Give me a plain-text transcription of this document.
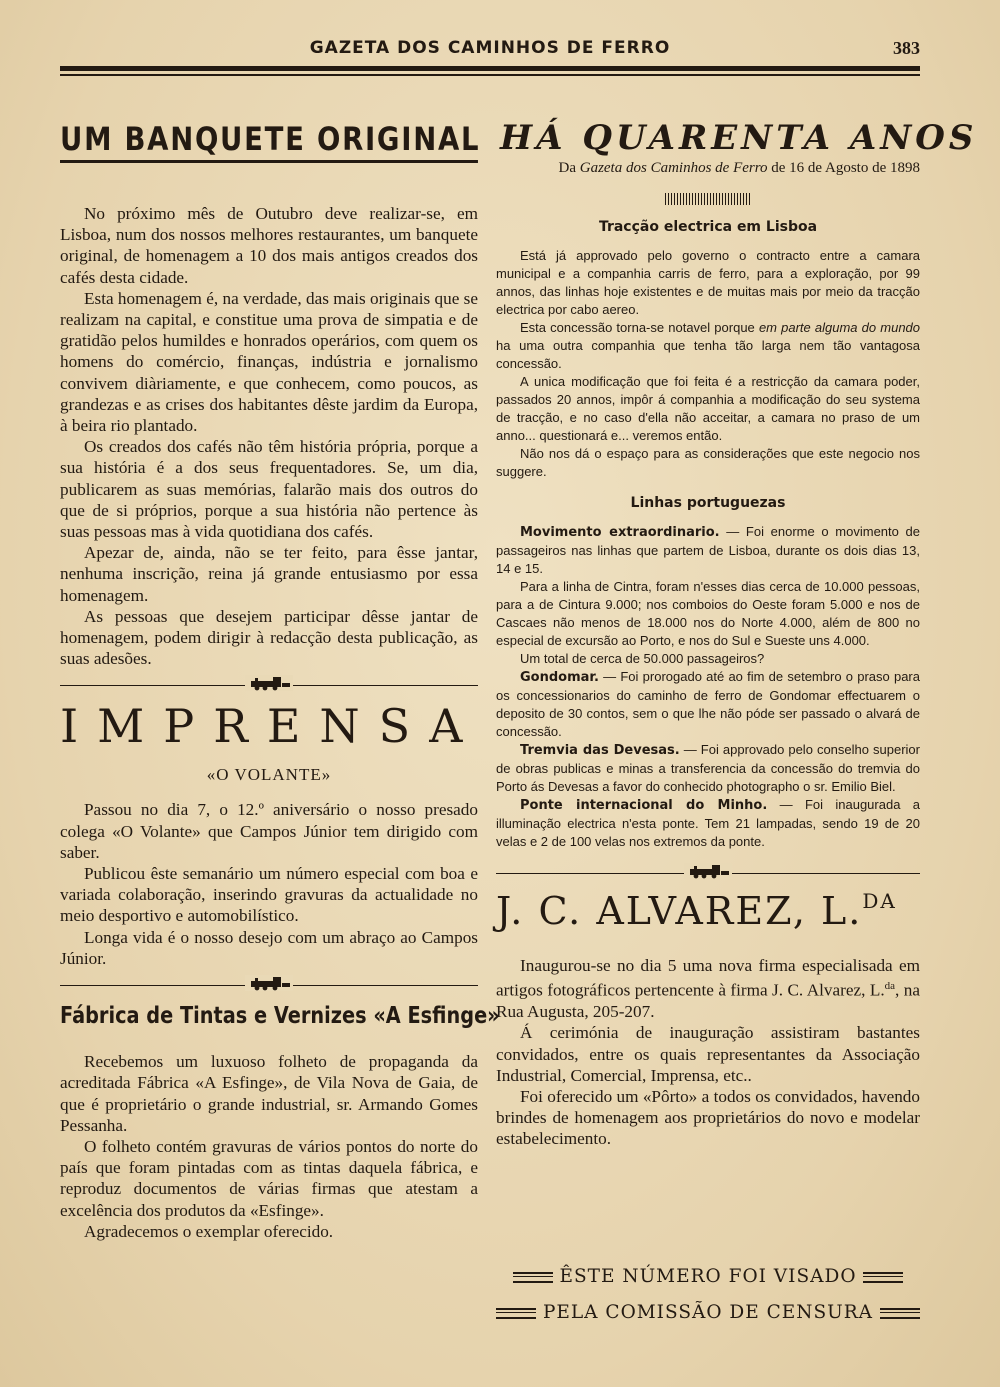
GAZETA DOS CAMINHOS DE FERRO	383
UM BANQUETE ORIGINAL

No próximo mês de Outubro deve realizar-se, em Lisboa, num dos nossos melhores restaurantes, um banquete original, de homenagem a 10 dos mais antigos creados dos cafés desta cidade.

Esta homenagem é, na verdade, das mais originais que se realizam na capital, e constitue uma prova de simpatia e de gratidão pelos humildes e honrados operários, com quem os homens do comércio, finanças, indústria e jornalismo convivem diàriamente, e que conhecem, como poucos, as grandezas e as crises dos habitantes dêste jardim da Europa, à beira rio plantado.

Os creados dos cafés não têm história própria, porque a sua história é a dos seus frequentadores. Se, um dia, publicarem as suas memórias, falarão mais dos outros do que de si próprios, porque a sua história não pertence às suas pessoas mas à vida quotidiana dos cafés.

Apezar de, ainda, não se ter feito, para êsse jantar, nenhuma inscrição, reina já grande entusiasmo por essa homenagem.

As pessoas que desejem participar dêsse jantar de homenagem, podem dirigir à redacção desta publicação, as suas adesões.

IMPRENSA
«O VOLANTE»

Passou no dia 7, o 12.º aniversário o nosso presado colega «O Volante» que Campos Júnior tem dirigido com saber.

Publicou êste semanário um número especial com boa e variada colaboração, inserindo gravuras da actualidade no meio desportivo e automobilístico.

Longa vida é o nosso desejo com um abraço ao Campos Júnior.

Fábrica de Tintas e Vernizes «A Esfinge»

Recebemos um luxuoso folheto de propaganda da acreditada Fábrica «A Esfinge», de Vila Nova de Gaia, de que é proprietário o grande industrial, sr. Armando Gomes Pessanha.

O folheto contém gravuras de vários pontos do norte do país que foram pintadas com as tintas daquela fábrica, e reproduz documentos de várias firmas que atestam a excelência dos produtos da «Esfinge».

Agradecemos o exemplar oferecido.

HÁ QUARENTA ANOS
Da Gazeta dos Caminhos de Ferro de 16 de Agosto de 1898
Tracção electrica em Lisboa

Está já approvado pelo governo o contracto entre a camara municipal e a companhia carris de ferro, para a exploração, por 99 annos, das linhas hoje existentes e de muitas mais por meio da tracção electrica por cabo aereo.

Esta concessão torna-se notavel porque em parte alguma do mundo ha uma outra companhia que tenha tão larga nem tão vantagosa concessão.

A unica modificação que foi feita é a restricção da camara poder, passados 20 annos, impôr á companhia a modificação do seu systema de tracção, e no caso d'ella não acceitar, a camara no praso de um anno... questionará e... veremos então.

Não nos dá o espaço para as considerações que este negocio nos suggere.

Linhas portuguezas

Movimento extraordinario. — Foi enorme o movimento de passageiros nas linhas que partem de Lisboa, durante os dois dias 13, 14 e 15.

Para a linha de Cintra, foram n'esses dias cerca de 10.000 pessoas, para a de Cintura 9.000; nos comboios do Oeste foram 5.000 e nos de Cascaes não menos de 18.000 nos do Norte 4.000, além de 800 no especial de excursão ao Porto, e nos do Sul e Sueste uns 4.000.

Um total de cerca de 50.000 passageiros?

Gondomar. — Foi prorogado até ao fim de setembro o praso para os concessionarios do caminho de ferro de Gondomar effectuarem o deposito de 30 contos, sem o que lhe não póde ser passado o alvará de concessão.

Tremvia das Devesas. — Foi approvado pelo conselho superior de obras publicas e minas a transferencia da concessão do tremvia do Porto ás Devesas a favor do conhecido photographo o sr. Emilio Biel.

Ponte internacional do Minho. — Foi inaugurada a illuminação electrica n'esta ponte. Tem 21 lampadas, sendo 19 de 20 velas e 2 de 100 velas nos extremos da ponte.

J. C. ALVAREZ, L.$^{DA}$

Inaugurou-se no dia 5 uma nova firma especialisada em artigos fotográficos pertencente à firma J. C. Alvarez, L.$^{da}$, na Rua Augusta, 205-207.

Á cerimónia de inauguração assistiram bastantes convidados, entre os quais representantes da Associação Industrial, Comercial, Imprensa, etc..

Foi oferecido um «Pôrto» a todos os convidados, havendo brindes de homenagem aos proprietários do novo e modelar estabelecimento.

ÊSTE NÚMERO FOI VISADO
PELA COMISSÃO DE CENSURA
